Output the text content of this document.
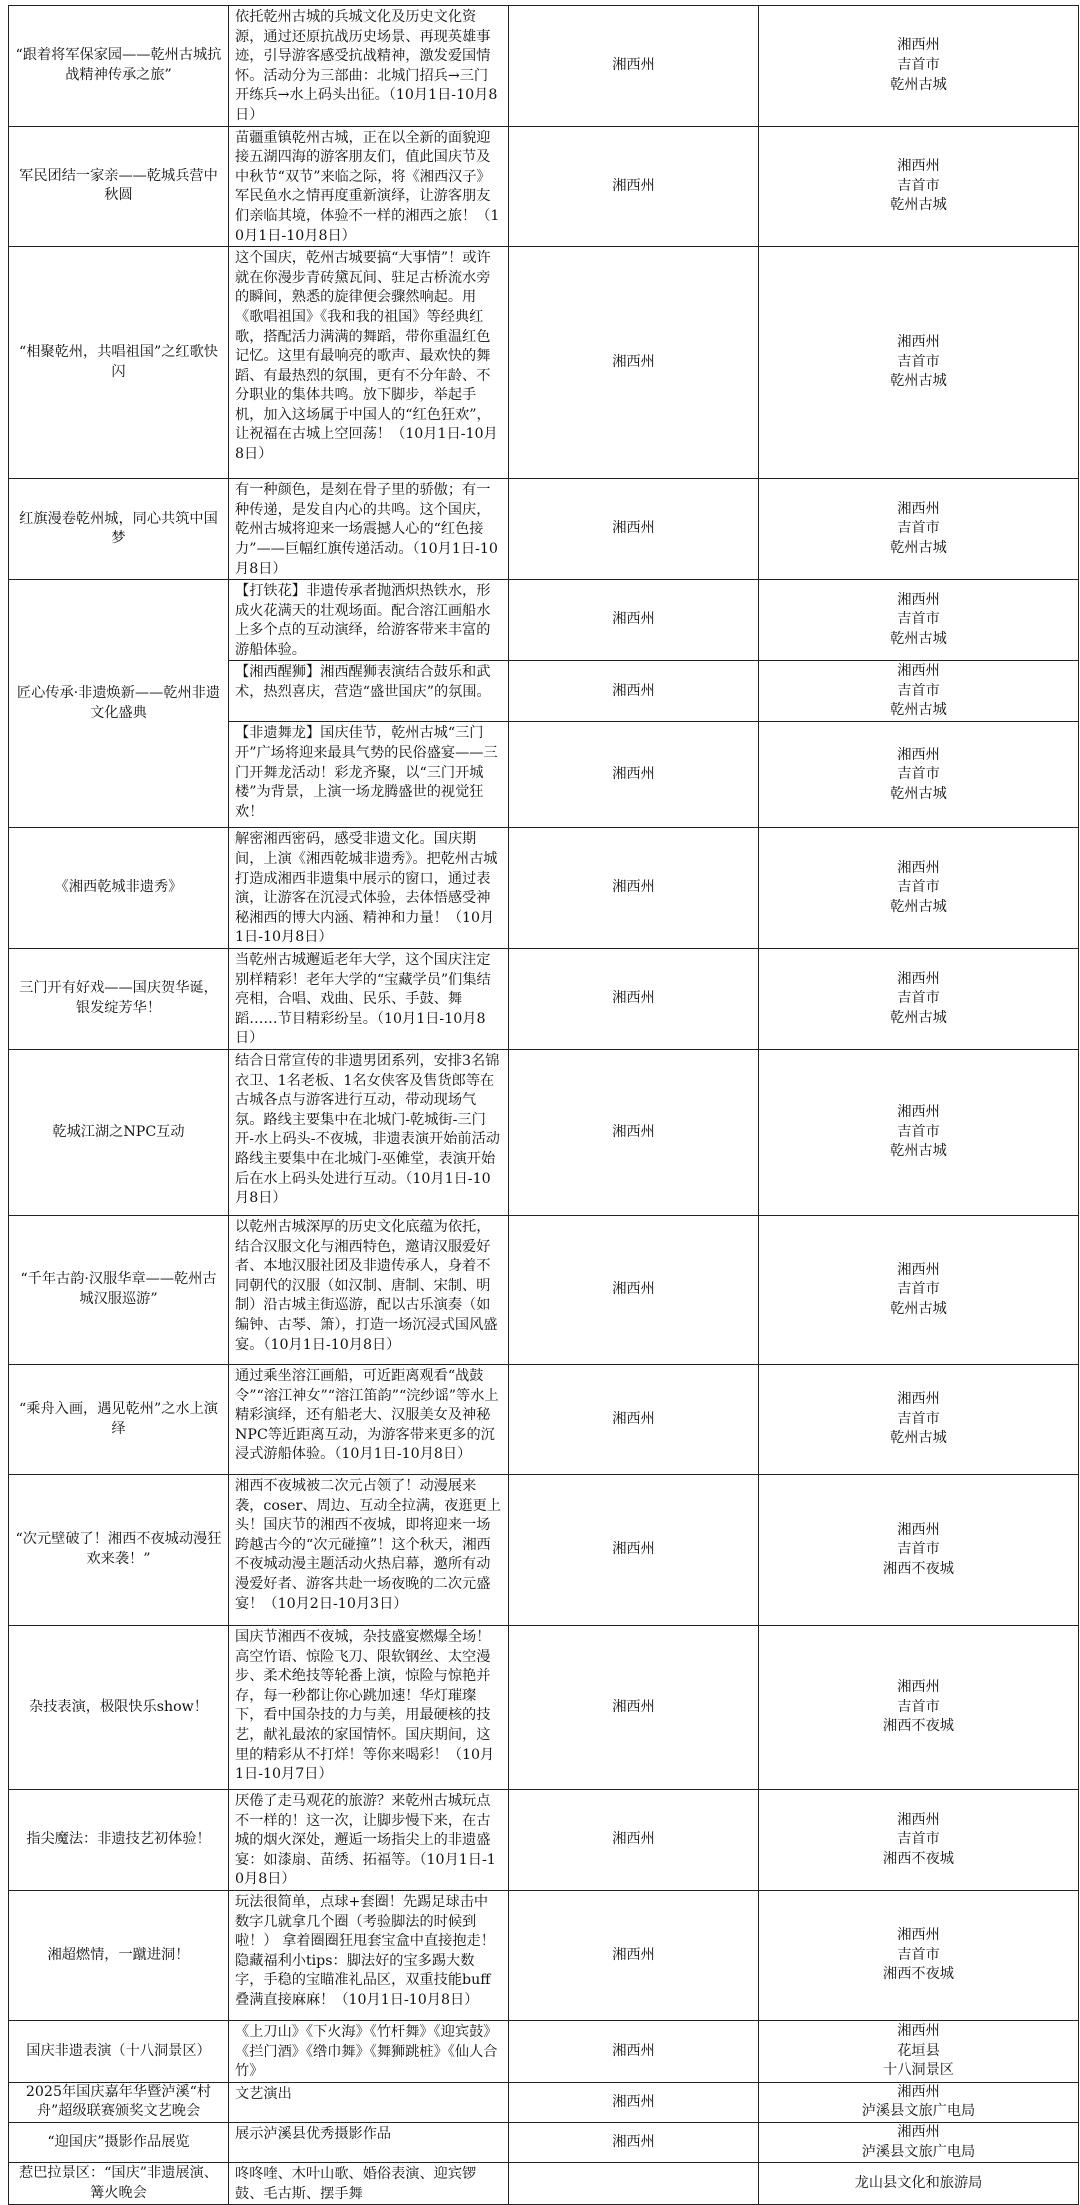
“跟着将军保家园——乾州古城抗战精神传承之旅”	依托乾州古城的兵城文化及历史文化资源，通过还原抗战历史场景、再现英雄事迹，引导游客感受抗战精神，激发爱国情怀。活动分为三部曲：北城门招兵→三门开练兵→水上码头出征。（10月1日-10月8日）	湘西州	湘西州
吉首市
乾州古城

军民团结一家亲——乾城兵营中秋圆	苗疆重镇乾州古城，正在以全新的面貌迎接五湖四海的游客朋友们，值此国庆节及中秋节“双节”来临之际，将《湘西汉子》军民鱼水之情再度重新演绎，让游客朋友们亲临其境，体验不一样的湘西之旅！（10月1日-10月8日）	湘西州	湘西州
吉首市
乾州古城

“相聚乾州，共唱祖国”之红歌快闪	这个国庆，乾州古城要搞“大事情”！或许就在你漫步青砖黛瓦间、驻足古桥流水旁的瞬间，熟悉的旋律便会骤然响起。用《歌唱祖国》《我和我的祖国》等经典红歌，搭配活力满满的舞蹈，带你重温红色记忆。这里有最响亮的歌声、最欢快的舞蹈、有最热烈的氛围，更有不分年龄、不分职业的集体共鸣。放下脚步，举起手机，加入这场属于中国人的“红色狂欢”，让祝福在古城上空回荡！（10月1日-10月8日）	湘西州	湘西州
吉首市
乾州古城

红旗漫卷乾州城，同心共筑中国梦	有一种颜色，是刻在骨子里的骄傲；有一种传递，是发自内心的共鸣。这个国庆，乾州古城将迎来一场震撼人心的“红色接力”——巨幅红旗传递活动。（10月1日-10月8日）	湘西州	湘西州
吉首市
乾州古城

匠心传承·非遗焕新——乾州非遗文化盛典	【打铁花】非遗传承者抛洒炽热铁水，形成火花满天的壮观场面。配合溶江画船水上多个点的互动演绎，给游客带来丰富的游船体验。	湘西州	湘西州
吉首市
乾州古城

	【湘西醒狮】湘西醒狮表演结合鼓乐和武术，热烈喜庆，营造“盛世国庆”的氛围。	湘西州	湘西州
吉首市
乾州古城

	【非遗舞龙】国庆佳节，乾州古城“三门开”广场将迎来最具气势的民俗盛宴——三门开舞龙活动！彩龙齐聚，以“三门开城楼”为背景，上演一场龙腾盛世的视觉狂欢！	湘西州	湘西州
吉首市
乾州古城

《湘西乾城非遗秀》	解密湘西密码，感受非遗文化。国庆期间，上演《湘西乾城非遗秀》。把乾州古城打造成湘西非遗集中展示的窗口，通过表演，让游客在沉浸式体验，去体悟感受神秘湘西的博大内涵、精神和力量！（10月1日-10月8日）	湘西州	湘西州
吉首市
乾州古城

三门开有好戏——国庆贺华诞，银发绽芳华！	当乾州古城邂逅老年大学，这个国庆注定别样精彩！老年大学的“宝藏学员”们集结亮相，合唱、戏曲、民乐、手鼓、舞蹈……节目精彩纷呈。（10月1日-10月8日）	湘西州	湘西州
吉首市
乾州古城

乾城江湖之NPC互动	结合日常宣传的非遗男团系列，安排3名锦衣卫、1名老板、1名女侠客及售货郎等在古城各点与游客进行互动，带动现场气氛。路线主要集中在北城门-乾城街-三门开-水上码头-不夜城，非遗表演开始前活动路线主要集中在北城门-巫傩堂，表演开始后在水上码头处进行互动。（10月1日-10月8日）	湘西州	湘西州
吉首市
乾州古城

“千年古韵·汉服华章——乾州古城汉服巡游”	以乾州古城深厚的历史文化底蕴为依托，结合汉服文化与湘西特色，邀请汉服爱好者、本地汉服社团及非遗传承人，身着不同朝代的汉服（如汉制、唐制、宋制、明制）沿古城主街巡游，配以古乐演奏（如编钟、古琴、箫），打造一场沉浸式国风盛宴。（10月1日-10月8日）	湘西州	湘西州
吉首市
乾州古城

“乘舟入画，遇见乾州”之水上演绎	通过乘坐溶江画船，可近距离观看“战鼓令”“溶江神女”“溶江笛韵”“浣纱谣”等水上精彩演绎，还有船老大、汉服美女及神秘NPC等近距离互动，为游客带来更多的沉浸式游船体验。（10月1日-10月8日）	湘西州	湘西州
吉首市
乾州古城

“次元壁破了！湘西不夜城动漫狂欢来袭！”	湘西不夜城被二次元占领了！动漫展来袭，coser、周边、互动全拉满，夜逛更上头！国庆节的湘西不夜城，即将迎来一场跨越古今的“次元碰撞”！这个秋天，湘西不夜城动漫主题活动火热启幕，邀所有动漫爱好者、游客共赴一场夜晚的二次元盛宴！（10月2日-10月3日）	湘西州	湘西州
吉首市
湘西不夜城

杂技表演，极限快乐show！	国庆节湘西不夜城，杂技盛宴燃爆全场！高空竹语、惊险飞刀、限软钢丝、太空漫步、柔术绝技等轮番上演，惊险与惊艳并存，每一秒都让你心跳加速！华灯璀璨下，看中国杂技的力与美，用最硬核的技艺，献礼最浓的家国情怀。国庆期间，这里的精彩从不打烊！等你来喝彩！（10月1日-10月7日）	湘西州	湘西州
吉首市
湘西不夜城

指尖魔法：非遗技艺初体验！	厌倦了走马观花的旅游？来乾州古城玩点不一样的！这一次，让脚步慢下来，在古城的烟火深处，邂逅一场指尖上的非遗盛宴：如漆扇、苗绣、拓福等。（10月1日-10月8日）	湘西州	湘西州
吉首市
湘西不夜城

湘超燃情，一蹴进洞！	玩法很简单，点球+套圈！先踢足球击中数字几就拿几个圈（考验脚法的时候到啦！） 拿着圈圈狂甩套宝盒中直接抱走！隐藏福利小tips：脚法好的宝多踢大数字，手稳的宝瞄准礼品区，双重技能buff叠满直接麻麻！（10月1日-10月8日）	湘西州	湘西州
吉首市
湘西不夜城

国庆非遗表演（十八洞景区）	《上刀山》《下火海》《竹杆舞》《迎宾鼓》《拦门酒》《绺巾舞》《舞狮跳桩》《仙人合竹》	湘西州	湘西州
花垣县
十八洞景区

2025年国庆嘉年华暨泸溪“村舟”超级联赛颁奖文艺晚会	文艺演出	湘西州	湘西州
泸溪县文旅广电局

“迎国庆”摄影作品展览	展示泸溪县优秀摄影作品	湘西州	湘西州
泸溪县文旅广电局

惹巴拉景区：“国庆”非遗展演、篝火晚会	咚咚喹、木叶山歌、婚俗表演、迎宾锣鼓、毛古斯、摆手舞		龙山县文化和旅游局
